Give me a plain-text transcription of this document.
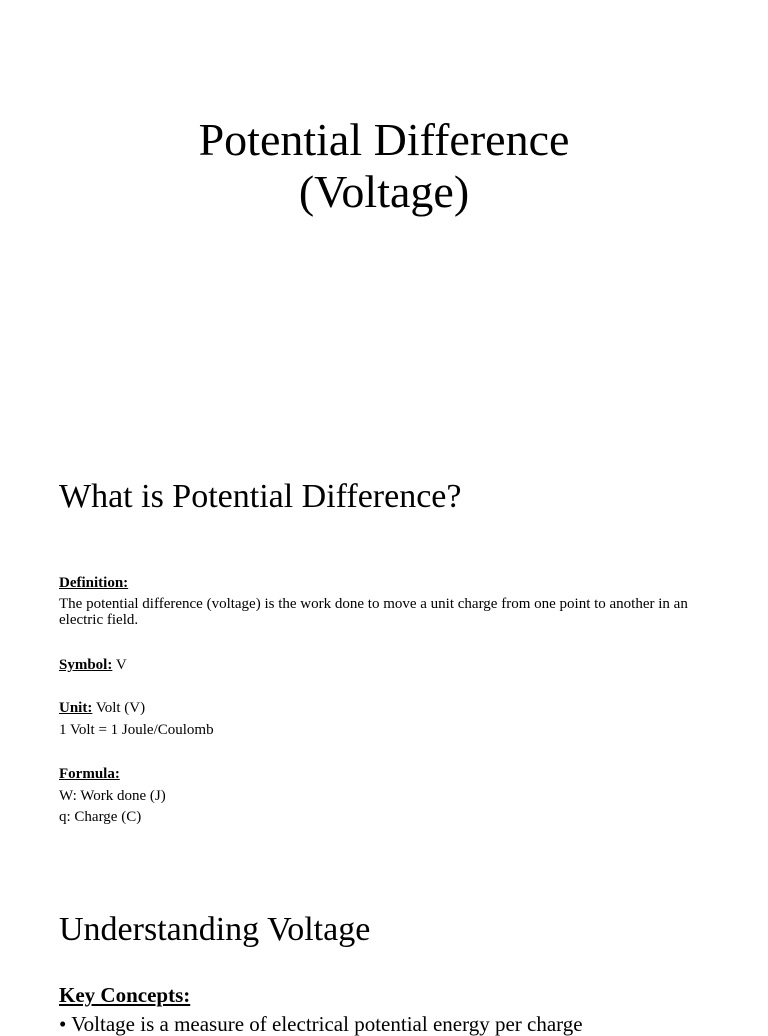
Potential Difference
(Voltage)
What is Potential Difference?
Definition:
The potential difference (voltage) is the work done to move a unit charge from one point to another in an electric field.
Symbol: V
Unit: Volt (V)
1 Volt = 1 Joule/Coulomb
Formula:
W: Work done (J)
q: Charge (C)
Understanding Voltage
Key Concepts:
• Voltage is a measure of electrical potential energy per charge
